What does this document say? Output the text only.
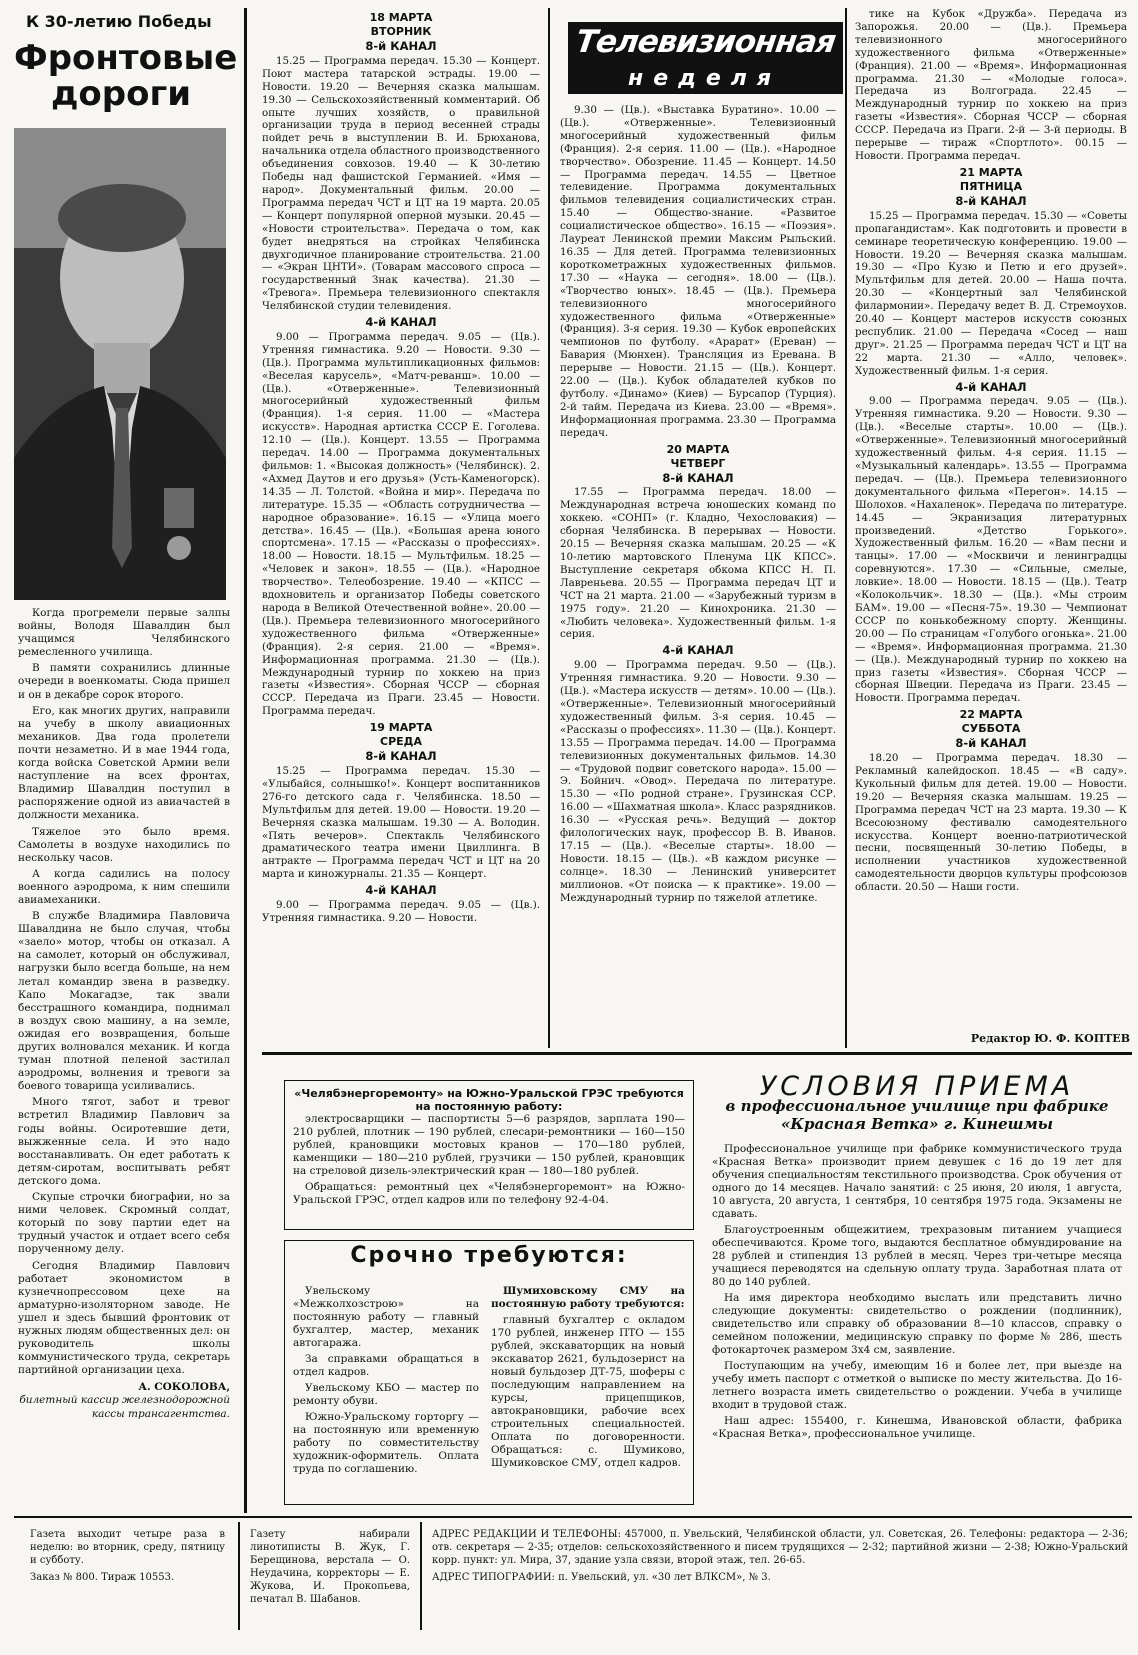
К 30-летию Победы
Фронтовые дороги

Когда прогремели первые залпы войны, Володя Шавалдин был учащимся Челябинского ремесленного училища.

В памяти сохранились длинные очереди в военкоматы. Сюда пришел и он в декабре сорок второго.

Его, как многих других, направили на учебу в школу авиационных механиков. Два года пролетели почти незаметно. И в мае 1944 года, когда войска Советской Армии вели наступление на всех фронтах, Владимир Шавалдин поступил в распоряжение одной из авиачастей в должности механика.

Тяжелое это было время. Самолеты в воздухе находились по нескольку часов.

А когда садились на полосу военного аэродрома, к ним спешили авиамеханики.

В службе Владимира Павловича Шавалдина не было случая, чтобы «заело» мотор, чтобы он отказал. А на самолет, который он обслуживал, нагрузки было всегда больше, на нем летал командир звена в разведку. Капо Мокагадзе, так звали бесстрашного командира, поднимал в воздух свою машину, а на земле, ожидая его возвращения, больше других волновался механик. И когда туман плотной пеленой застилал аэродромы, волнения и тревоги за боевого товарища усиливались.

Много тягот, забот и тревог встретил Владимир Павлович за годы войны. Осиротевшие дети, выжженные села. И это надо восстанавливать. Он едет работать к детям-сиротам, воспитывать ребят детского дома.

Скупые строчки биографии, но за ними человек. Скромный солдат, который по зову партии едет на трудный участок и отдает всего себя порученному делу.

Сегодня Владимир Павлович работает экономистом в кузнечнопрессовом цехе на арматурно-изоляторном заводе. Не ушел и здесь бывший фронтовик от нужных людям общественных дел: он руководитель школы коммунистического труда, секретарь партийной организации цеха.

А. СОКОЛОВА,
билетный кассир железнодорожной кассы трансагентства.
18 МАРТА
ВТОРНИК
8-й КАНАЛ

15.25 — Программа передач. 15.30 — Концерт. Поют мастера татарской эстрады. 19.00 — Новости. 19.20 — Вечерняя сказка малышам. 19.30 — Сельскохозяйственный комментарий. Об опыте лучших хозяйств, о правильной организации труда в период весенней страды пойдет речь в выступлении В. И. Брюханова, начальника отдела областного производственного объединения совхозов. 19.40 — К 30-летию Победы над фашистской Германией. «Имя — народ». Документальный фильм. 20.00 — Программа передач ЧСТ и ЦТ на 19 марта. 20.05 — Концерт популярной оперной музыки. 20.45 — «Новости строительства». Передача о том, как будет внедряться на стройках Челябинска двухгодичное планирование строительства. 21.00 — «Экран ЦНТИ». (Товарам массового спроса — государственный Знак качества). 21.30 — «Тревога». Премьера телевизионного спектакля Челябинской студии телевидения.

4-й КАНАЛ

9.00 — Программа передач. 9.05 — (Цв.). Утренняя гимнастика. 9.20 — Новости. 9.30 — (Цв.). Программа мультипликационных фильмов: «Веселая карусель», «Матч-реванш». 10.00 — (Цв.). «Отверженные». Телевизионный многосерийный художественный фильм (Франция). 1-я серия. 11.00 — «Мастера искусств». Народная артистка СССР Е. Гоголева. 12.10 — (Цв.). Концерт. 13.55 — Программа передач. 14.00 — Программа документальных фильмов: 1. «Высокая должность» (Челябинск). 2. «Ахмед Даутов и его друзья» (Усть-Каменогорск). 14.35 — Л. Толстой. «Война и мир». Передача по литературе. 15.35 — «Область сотрудничества — народное образование». 16.15 — «Улица моего детства». 16.45 — (Цв.). «Большая арена юного спортсмена». 17.15 — «Рассказы о профессиях». 18.00 — Новости. 18.15 — Мультфильм. 18.25 — «Человек и закон». 18.55 — (Цв.). «Народное творчество». Телеобозрение. 19.40 — «КПСС — вдохновитель и организатор Победы советского народа в Великой Отечественной войне». 20.00 — (Цв.). Премьера телевизионного многосерийного художественного фильма «Отверженные» (Франция). 2-я серия. 21.00 — «Время». Информационная программа. 21.30 — (Цв.). Международный турнир по хоккею на приз газеты «Известия». Сборная ЧССР — сборная СССР. Передача из Праги. 23.45 — Новости. Программа передач.

19 МАРТА
СРЕДА
8-й КАНАЛ

15.25 — Программа передач. 15.30 — «Улыбайся, солнышко!». Концерт воспитанников 276-го детского сада г. Челябинска. 18.50 — Мультфильм для детей. 19.00 — Новости. 19.20 — Вечерняя сказка малышам. 19.30 — А. Володин. «Пять вечеров». Спектакль Челябинского драматического театра имени Цвиллинга. В антракте — Программа передач ЧСТ и ЦТ на 20 марта и киножурналы. 21.35 — Концерт.

4-й КАНАЛ

9.00 — Программа передач. 9.05 — (Цв.). Утренняя гимнастика. 9.20 — Новости.

Телевизионная
неделя

9.30 — (Цв.). «Выставка Буратино». 10.00 — (Цв.). «Отверженные». Телевизионный многосерийный художественный фильм (Франция). 2-я серия. 11.00 — (Цв.). «Народное творчество». Обозрение. 11.45 — Концерт. 14.50 — Программа передач. 14.55 — Цветное телевидение. Программа документальных фильмов телевидения социалистических стран. 15.40 — Общество-знание. «Развитое социалистическое общество». 16.15 — «Поэзия». Лауреат Ленинской премии Максим Рыльский. 16.35 — Для детей. Программа телевизионных короткометражных художественных фильмов. 17.30 — «Наука — сегодня». 18.00 — (Цв.). «Творчество юных». 18.45 — (Цв.). Премьера телевизионного многосерийного художественного фильма «Отверженные» (Франция). 3-я серия. 19.30 — Кубок европейских чемпионов по футболу. «Арарат» (Ереван) — Бавария (Мюнхен). Трансляция из Еревана. В перерыве — Новости. 21.15 — (Цв.). Концерт. 22.00 — (Цв.). Кубок обладателей кубков по футболу. «Динамо» (Киев) — Бурсапор (Турция). 2-й тайм. Передача из Киева. 23.00 — «Время». Информационная программа. 23.30 — Программа передач.

20 МАРТА
ЧЕТВЕРГ
8-й КАНАЛ

17.55 — Программа передач. 18.00 — Международная встреча юношеских команд по хоккею. «СОНП» (г. Кладно, Чехословакия) — сборная Челябинска. В перерывах — Новости. 20.15 — Вечерняя сказка малышам. 20.25 — «К 10-летию мартовского Пленума ЦК КПСС». Выступление секретаря обкома КПСС Н. П. Лавреньева. 20.55 — Программа передач ЦТ и ЧСТ на 21 марта. 21.00 — «Зарубежный туризм в 1975 году». 21.20 — Кинохроника. 21.30 — «Любить человека». Художественный фильм. 1-я серия.

4-й КАНАЛ

9.00 — Программа передач. 9.50 — (Цв.). Утренняя гимнастика. 9.20 — Новости. 9.30 — (Цв.). «Мастера искусств — детям». 10.00 — (Цв.). «Отверженные». Телевизионный многосерийный художественный фильм. 3-я серия. 10.45 — «Рассказы о профессиях». 11.30 — (Цв.). Концерт. 13.55 — Программа передач. 14.00 — Программа телевизионных документальных фильмов. 14.30 — «Трудовой подвиг советского народа». 15.00 — Э. Бойнич. «Овод». Передача по литературе. 15.30 — «По родной стране». Грузинская ССР. 16.00 — «Шахматная школа». Класс разрядников. 16.30 — «Русская речь». Ведущий — доктор филологических наук, профессор В. В. Иванов. 17.15 — (Цв.). «Веселые старты». 18.00 — Новости. 18.15 — (Цв.). «В каждом рисунке — солнце». 18.30 — Ленинский университет миллионов. «От поиска — к практике». 19.00 — Международный турнир по тяжелой атлетике.

тике на Кубок «Дружба». Передача из Запорожья. 20.00 — (Цв.). Премьера телевизионного многосерийного художественного фильма «Отверженные» (Франция). 21.00 — «Время». Информационная программа. 21.30 — «Молодые голоса». Передача из Волгограда. 22.45 — Международный турнир по хоккею на приз газеты «Известия». Сборная ЧССР — сборная СССР. Передача из Праги. 2-й — 3-й периоды. В перерыве — тираж «Спортлото». 00.15 — Новости. Программа передач.

21 МАРТА
ПЯТНИЦА
8-й КАНАЛ

15.25 — Программа передач. 15.30 — «Советы пропагандистам». Как подготовить и провести в семинаре теоретическую конференцию. 19.00 — Новости. 19.20 — Вечерняя сказка малышам. 19.30 — «Про Кузю и Петю и его друзей». Мультфильм для детей. 20.00 — Наша почта. 20.30 — «Концертный зал Челябинской филармонии». Передачу ведет В. Д. Стремоухов. 20.40 — Концерт мастеров искусств союзных республик. 21.00 — Передача «Сосед — наш друг». 21.25 — Программа передач ЧСТ и ЦТ на 22 марта. 21.30 — «Алло, человек». Художественный фильм. 1-я серия.

4-й КАНАЛ

9.00 — Программа передач. 9.05 — (Цв.). Утренняя гимнастика. 9.20 — Новости. 9.30 — (Цв.). «Веселые старты». 10.00 — (Цв.). «Отверженные». Телевизионный многосерийный художественный фильм. 4-я серия. 11.15 — «Музыкальный календарь». 13.55 — Программа передач. — (Цв.). Премьера телевизионного документального фильма «Перегон». 14.15 — Шолохов. «Нахаленок». Передача по литературе. 14.45 — Экранизация литературных произведений. «Детство Горького». Художественный фильм. 16.20 — «Вам песни и танцы». 17.00 — «Москвичи и ленинградцы соревнуются». 17.30 — «Сильные, смелые, ловкие». 18.00 — Новости. 18.15 — (Цв.). Театр «Колокольчик». 18.30 — (Цв.). «Мы строим БАМ». 19.00 — «Песня-75». 19.30 — Чемпионат СССР по конькобежному спорту. Женщины. 20.00 — По страницам «Голубого огонька». 21.00 — «Время». Информационная программа. 21.30 — (Цв.). Международный турнир по хоккею на приз газеты «Известия». Сборная ЧССР — сборная Швеции. Передача из Праги. 23.45 — Новости. Программа передач.

22 МАРТА
СУББОТА
8-й КАНАЛ

18.20 — Программа передач. 18.30 — Рекламный калейдоскоп. 18.45 — «В саду». Кукольный фильм для детей. 19.00 — Новости. 19.20 — Вечерняя сказка малышам. 19.25 — Программа передач ЧСТ на 23 марта. 19.30 — К Всесоюзному фестивалю самодеятельного искусства. Концерт военно-патриотической песни, посвященный 30-летию Победы, в исполнении участников художественной самодеятельности дворцов культуры профсоюзов области. 20.50 — Наши гости.

Редактор Ю. Ф. КОПТЕВ
«Челябэнергоремонту» на Южно-Уральской ГРЭС требуются на постоянную работу:

электросварщики — паспортисты 5—6 разрядов, зарплата 190—210 рублей, плотник — 190 рублей, слесари-ремонтники — 160—150 рублей, крановщики мостовых кранов — 170—180 рублей, каменщики — 180—210 рублей, грузчики — 150 рублей, крановщик на стреловой дизель-электрический кран — 180—180 рублей.

Обращаться: ремонтный цех «Челябэнергоремонт» на Южно-Уральской ГРЭС, отдел кадров или по телефону 92-4-04.

Срочно требуются:

Увельскому «Межколхозстрою» на постоянную работу — главный бухгалтер, мастер, механик автогаража.

За справками обращаться в отдел кадров.

Увельскому КБО — мастер по ремонту обуви.

Южно-Уральскому горторгу — на постоянную или временную работу по совместительству художник-оформитель. Оплата труда по соглашению.

Шумиховскому СМУ на постоянную работу требуются:

главный бухгалтер с окладом 170 рублей, инженер ПТО — 155 рублей, экскаваторщик на новый экскаватор 2621, бульдозерист на новый бульдозер ДТ-75, шоферы с последующим направлением на курсы, прицепщиков, автокрановщики, рабочие всех строительных специальностей. Оплата по договоренности. Обращаться: с. Шумиково, Шумиковское СМУ, отдел кадров.

УСЛОВИЯ ПРИЕМА
в профессиональное училище при фабрике «Красная Ветка» г. Кинешмы

Профессиональное училище при фабрике коммунистического труда «Красная Ветка» производит прием девушек с 16 до 19 лет для обучения специальностям текстильного производства. Срок обучения от одного до 14 месяцев. Начало занятий: с 25 июня, 20 июля, 1 августа, 10 августа, 20 августа, 1 сентября, 10 сентября 1975 года. Экзамены не сдавать.

Благоустроенным общежитием, трехразовым питанием учащиеся обеспечиваются. Кроме того, выдаются бесплатное обмундирование на 28 рублей и стипендия 13 рублей в месяц. Через три-четыре месяца учащиеся переводятся на сдельную оплату труда. Заработная плата от 80 до 140 рублей.

На имя директора необходимо выслать или представить лично следующие документы: свидетельство о рождении (подлинник), свидетельство или справку об образовании 8—10 классов, справку о семейном положении, медицинскую справку по форме № 286, шесть фотокарточек размером 3х4 см, заявление.

Поступающим на учебу, имеющим 16 и более лет, при выезде на учебу иметь паспорт с отметкой о выписке по месту жительства. До 16-летнего возраста иметь свидетельство о рождении. Учеба в училище входит в трудовой стаж.

Наш адрес: 155400, г. Кинешма, Ивановской области, фабрика «Красная Ветка», профессиональное училище.

Газета выходит четыре раза в неделю: во вторник, среду, пятницу и субботу.
Заказ № 800. Тираж 10553.
Газету набирали линотиписты В. Жук, Г. Берещинова, верстала — О. Неудачина, корректоры — Е. Жукова, И. Прокопьева, печатал В. Шабанов.
АДРЕС РЕДАКЦИИ И ТЕЛЕФОНЫ: 457000, п. Увельский, Челябинской области, ул. Советская, 26. Телефоны: редактора — 2-36; отв. секретаря — 2-35; отделов: сельскохозяйственного и писем трудящихся — 2-32; партийной жизни — 2-38; Южно-Уральский корр. пункт: ул. Мира, 37, здание узла связи, второй этаж, тел. 26-65.
АДРЕС ТИПОГРАФИИ: п. Увельский, ул. «30 лет ВЛКСМ», № 3.
